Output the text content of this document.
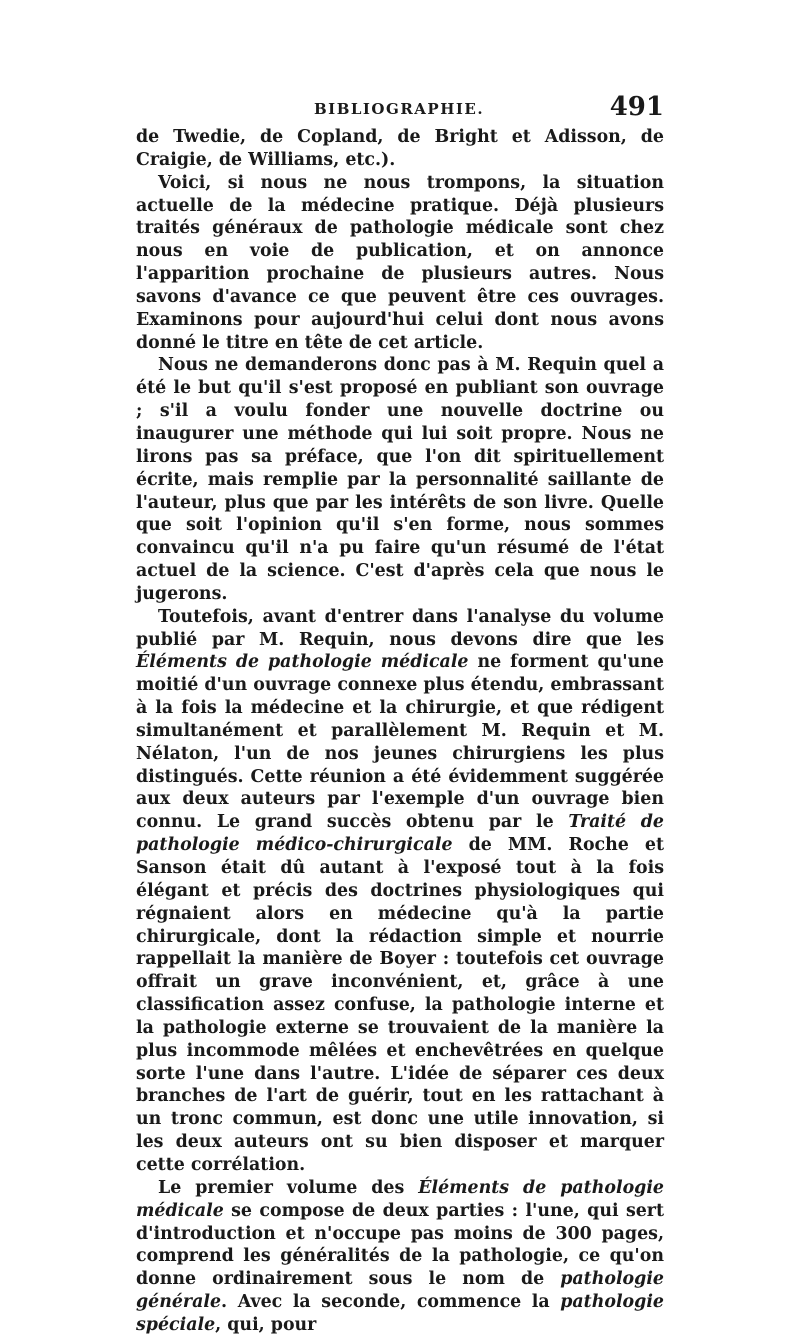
BIBLIOGRAPHIE.	491

de Twedie, de Copland, de Bright et Adisson, de Craigie, de Williams, etc.).

Voici, si nous ne nous trompons, la situation actuelle de la médecine pratique. Déjà plusieurs traités généraux de pathologie médicale sont chez nous en voie de publication, et on annonce l'apparition prochaine de plusieurs autres. Nous savons d'avance ce que peuvent être ces ouvrages. Examinons pour aujourd'hui celui dont nous avons donné le titre en tête de cet article.

Nous ne demanderons donc pas à M. Requin quel a été le but qu'il s'est proposé en publiant son ouvrage ; s'il a voulu fonder une nouvelle doctrine ou inaugurer une méthode qui lui soit propre. Nous ne lirons pas sa préface, que l'on dit spirituellement écrite, mais remplie par la personnalité saillante de l'auteur, plus que par les intérêts de son livre. Quelle que soit l'opinion qu'il s'en forme, nous sommes convaincu qu'il n'a pu faire qu'un résumé de l'état actuel de la science. C'est d'après cela que nous le jugerons.

Toutefois, avant d'entrer dans l'analyse du volume publié par M. Requin, nous devons dire que les Éléments de pathologie médicale ne forment qu'une moitié d'un ouvrage connexe plus étendu, embrassant à la fois la médecine et la chirurgie, et que rédigent simultanément et parallèlement M. Requin et M. Nélaton, l'un de nos jeunes chirurgiens les plus distingués. Cette réunion a été évidemment suggérée aux deux auteurs par l'exemple d'un ouvrage bien connu. Le grand succès obtenu par le Traité de pathologie médico-chirurgicale de MM. Roche et Sanson était dû autant à l'exposé tout à la fois élégant et précis des doctrines physiologiques qui régnaient alors en médecine qu'à la partie chirurgicale, dont la rédaction simple et nourrie rappellait la manière de Boyer : toutefois cet ouvrage offrait un grave inconvénient, et, grâce à une classification assez confuse, la pathologie interne et la pathologie externe se trouvaient de la manière la plus incommode mêlées et enchevêtrées en quelque sorte l'une dans l'autre. L'idée de séparer ces deux branches de l'art de guérir, tout en les rattachant à un tronc commun, est donc une utile innovation, si les deux auteurs ont su bien disposer et marquer cette corrélation.

Le premier volume des Éléments de pathologie médicale se compose de deux parties : l'une, qui sert d'introduction et n'occupe pas moins de 300 pages, comprend les généralités de la pathologie, ce qu'on donne ordinairement sous le nom de pathologie générale. Avec la seconde, commence la pathologie spéciale, qui, pour
